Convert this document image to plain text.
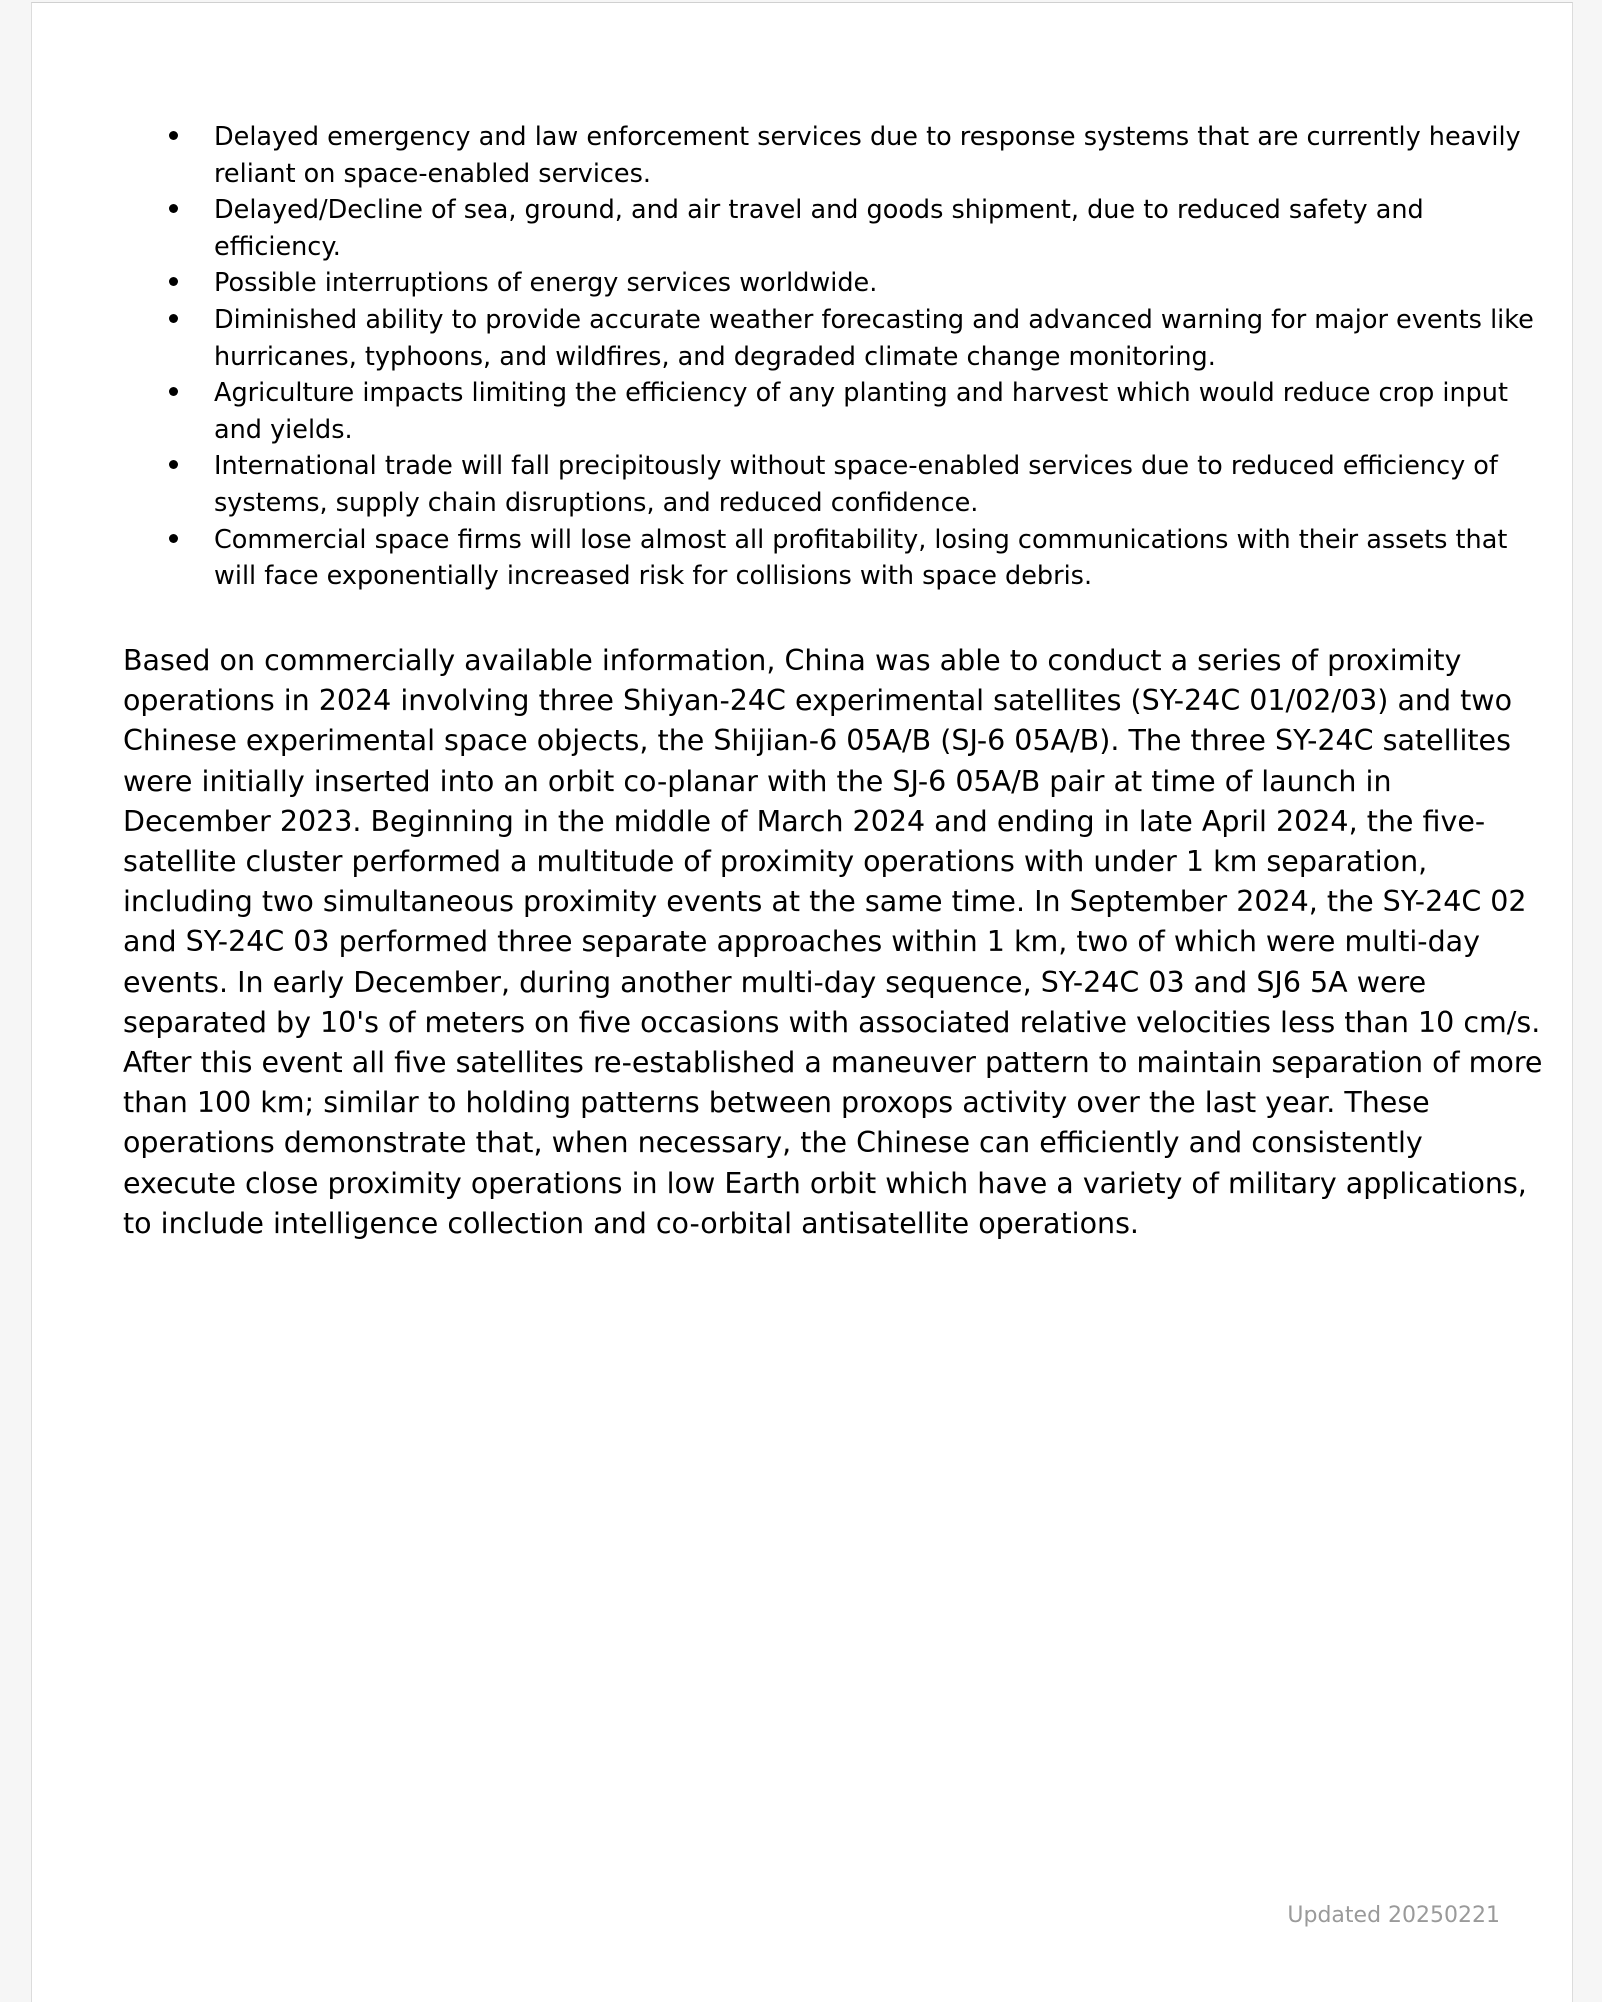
Delayed emergency and law enforcement services due to response systems that are currently heavily reliant on space-enabled services.
Delayed/Decline of sea, ground, and air travel and goods shipment, due to reduced safety and efficiency.
Possible interruptions of energy services worldwide.
Diminished ability to provide accurate weather forecasting and advanced warning for major events like hurricanes, typhoons, and wildfires, and degraded climate change monitoring.
Agriculture impacts limiting the efficiency of any planting and harvest which would reduce crop input and yields.
International trade will fall precipitously without space-enabled services due to reduced efficiency of systems, supply chain disruptions, and reduced confidence.
Commercial space firms will lose almost all profitability, losing communications with their assets that will face exponentially increased risk for collisions with space debris.

Based on commercially available information, China was able to conduct a series of proximity operations in 2024 involving three Shiyan-24C experimental satellites (SY-24C 01/02/03) and two Chinese experimental space objects, the Shijian-6 05A/B (SJ-6 05A/B). The three SY-24C satellites were initially inserted into an orbit co-planar with the SJ-6 05A/B pair at time of launch in December 2023. Beginning in the middle of March 2024 and ending in late April 2024, the five-satellite cluster performed a multitude of proximity operations with under 1 km separation, including two simultaneous proximity events at the same time. In September 2024, the SY-24C 02 and SY-24C 03 performed three separate approaches within 1 km, two of which were multi-day events. In early December, during another multi-day sequence, SY-24C 03 and SJ6 5A were separated by 10's of meters on five occasions with associated relative velocities less than 10 cm/s. After this event all five satellites re-established a maneuver pattern to maintain separation of more than 100 km; similar to holding patterns between proxops activity over the last year. These operations demonstrate that, when necessary, the Chinese can efficiently and consistently execute close proximity operations in low Earth orbit which have a variety of military applications, to include intelligence collection and co-orbital antisatellite operations.

Updated 20250221
